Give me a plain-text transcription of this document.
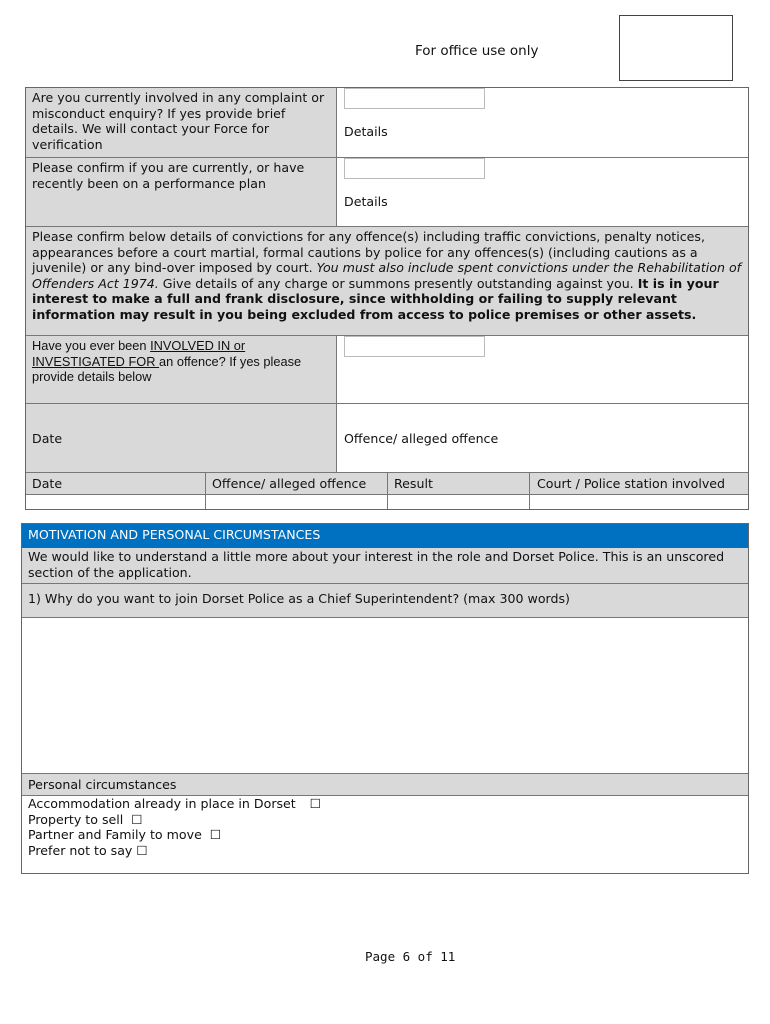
For office use only
Are you currently involved in any complaint or misconduct enquiry? If yes provide brief details. We will contact your Force for verification
Details
Please confirm if you are currently, or have recently been on a performance plan
Details
Please confirm below details of convictions for any offence(s) including traffic convictions, penalty notices, appearances before a court martial, formal cautions by police for any offences(s) (including cautions as a juvenile) or any bind-over imposed by court. You must also include spent convictions under the Rehabilitation of Offenders Act 1974. Give details of any charge or summons presently outstanding against you. It is in your interest to make a full and frank disclosure, since withholding or failing to supply relevant information may result in you being excluded from access to police premises or other assets.
Have you ever been INVOLVED IN or INVESTIGATED FOR an offence? If yes please provide details below
Date	Offence/ alleged offence
Date	Offence/ alleged offence	Result	Court / Police station involved
MOTIVATION AND PERSONAL CIRCUMSTANCES
We would like to understand a little more about your interest in the role and Dorset Police. This is an unscored section of the application.
1) Why do you want to join Dorset Police as a Chief Superintendent? (max 300 words)
Personal circumstances
Accommodation already in place in Dorset ☐
Property to sell ☐
Partner and Family to move ☐
Prefer not to say ☐
Page 6 of 11
